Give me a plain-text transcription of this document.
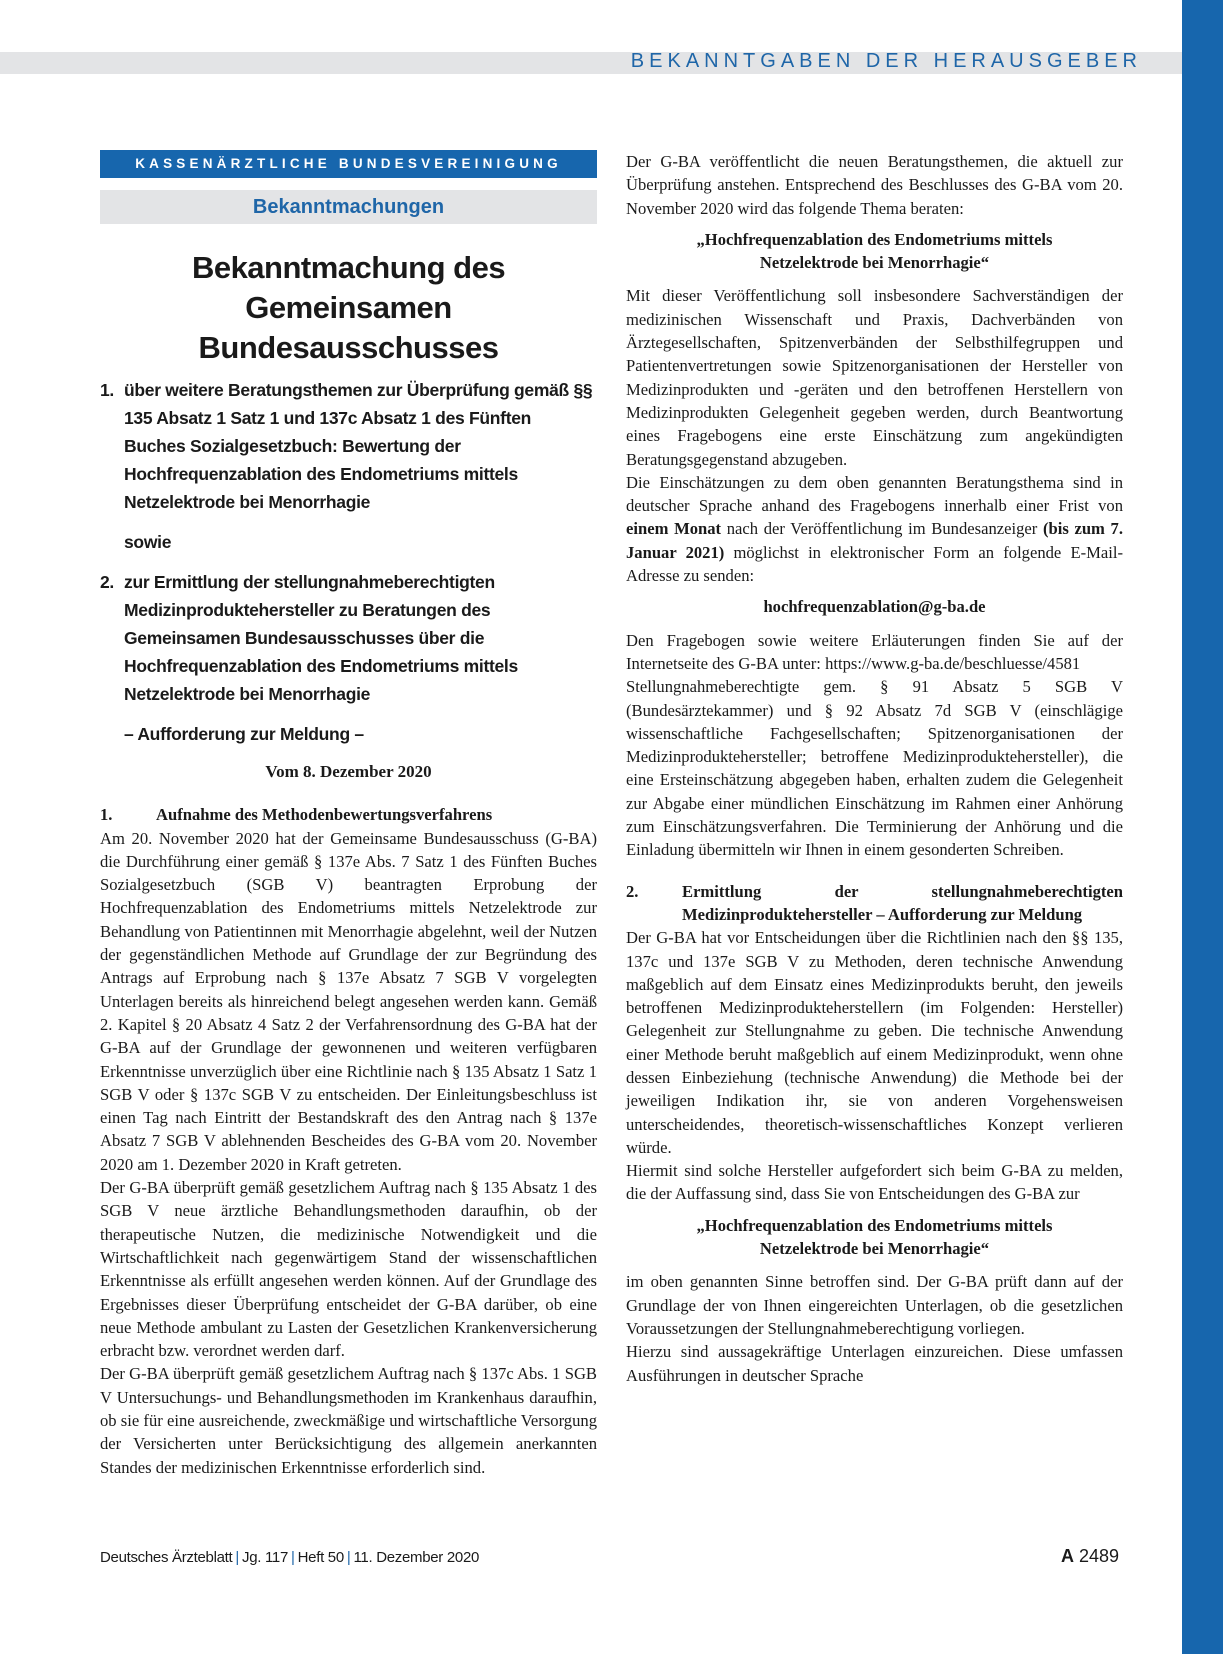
BEKANNTGABEN DER HERAUSGEBER
KASSENÄRZTLICHE BUNDESVEREINIGUNG
Bekanntmachungen
Bekanntmachung des Gemeinsamen
Bundesausschusses
1. über weitere Beratungsthemen zur Überprüfung gemäß §§ 135 Absatz 1 Satz 1 und 137c Absatz 1 des Fünften Buches Sozialgesetzbuch: Bewertung der Hochfrequenzablation des Endometriums mittels Netzelektrode bei Menorrhagie
sowie
2. zur Ermittlung der stellungnahmeberechtigten Medizinproduktehersteller zu Beratungen des Gemeinsamen Bundesausschusses über die Hochfrequenzablation des Endometriums mittels Netzelektrode bei Menorrhagie
– Aufforderung zur Meldung –
Vom 8. Dezember 2020
1.	Aufnahme des Methodenbewertungsverfahrens

Am 20. November 2020 hat der Gemeinsame Bundesausschuss (G-BA) die Durchführung einer gemäß § 137e Abs. 7 Satz 1 des Fünften Buches Sozialgesetzbuch (SGB V) beantragten Erprobung der Hochfrequenzablation des Endometriums mittels Netzelektrode zur Behandlung von Patientinnen mit Menorrhagie abgelehnt, weil der Nutzen der gegenständlichen Methode auf Grundlage der zur Begründung des Antrags auf Erprobung nach § 137e Absatz 7 SGB V vorgelegten Unterlagen bereits als hinreichend belegt angesehen werden kann. Gemäß 2. Kapitel § 20 Absatz 4 Satz 2 der Verfahrensordnung des G-BA hat der G-BA auf der Grundlage der gewonnenen und weiteren verfügbaren Erkenntnisse unverzüglich über eine Richtlinie nach § 135 Absatz 1 Satz 1 SGB V oder § 137c SGB V zu entscheiden. Der Einleitungsbeschluss ist einen Tag nach Eintritt der Bestandskraft des den Antrag nach § 137e Absatz 7 SGB V ablehnenden Bescheides des G-BA vom 20. November 2020 am 1. Dezember 2020 in Kraft getreten.

Der G-BA überprüft gemäß gesetzlichem Auftrag nach § 135 Absatz 1 des SGB V neue ärztliche Behandlungsmethoden daraufhin, ob der therapeutische Nutzen, die medizinische Notwendigkeit und die Wirtschaftlichkeit nach gegenwärtigem Stand der wissenschaftlichen Erkenntnisse als erfüllt angesehen werden können. Auf der Grundlage des Ergebnisses dieser Überprüfung entscheidet der G-BA darüber, ob eine neue Methode ambulant zu Lasten der Gesetzlichen Krankenversicherung erbracht bzw. verordnet werden darf.

Der G-BA überprüft gemäß gesetzlichem Auftrag nach § 137c Abs. 1 SGB V Untersuchungs- und Behandlungsmethoden im Krankenhaus daraufhin, ob sie für eine ausreichende, zweckmäßige und wirtschaftliche Versorgung der Versicherten unter Berücksichtigung des allgemein anerkannten Standes der medizinischen Erkenntnisse erforderlich sind.

Der G-BA veröffentlicht die neuen Beratungsthemen, die aktuell zur Überprüfung anstehen. Entsprechend des Beschlusses des G-BA vom 20. November 2020 wird das folgende Thema beraten:

„Hochfrequenzablation des Endometriums mittels
Netzelektrode bei Menorrhagie“

Mit dieser Veröffentlichung soll insbesondere Sachverständigen der medizinischen Wissenschaft und Praxis, Dachverbänden von Ärztegesellschaften, Spitzenverbänden der Selbsthilfegruppen und Patientenvertretungen sowie Spitzenorganisationen der Hersteller von Medizinprodukten und -geräten und den betroffenen Herstellern von Medizinprodukten Gelegenheit gegeben werden, durch Beantwortung eines Fragebogens eine erste Einschätzung zum angekündigten Beratungsgegenstand abzugeben.

Die Einschätzungen zu dem oben genannten Beratungsthema sind in deutscher Sprache anhand des Fragebogens innerhalb einer Frist von einem Monat nach der Veröffentlichung im Bundesanzeiger (bis zum 7. Januar 2021) möglichst in elektronischer Form an folgende E-Mail-Adresse zu senden:

hochfrequenzablation@g-ba.de

Den Fragebogen sowie weitere Erläuterungen finden Sie auf der Internetseite des G-BA unter: https://www.g-ba.de/beschluesse/4581

Stellungnahmeberechtigte gem. § 91 Absatz 5 SGB V (Bundesärztekammer) und § 92 Absatz 7d SGB V (einschlägige wissenschaftliche Fachgesellschaften; Spitzenorganisationen der Medizinproduktehersteller; betroffene Medizinproduktehersteller), die eine Ersteinschätzung abgegeben haben, erhalten zudem die Gelegenheit zur Abgabe einer mündlichen Einschätzung im Rahmen einer Anhörung zum Einschätzungsverfahren. Die Terminierung der Anhörung und die Einladung übermitteln wir Ihnen in einem gesonderten Schreiben.

2.	Ermittlung der stellungnahmeberechtigten Medizinproduktehersteller – Aufforderung zur Meldung

Der G-BA hat vor Entscheidungen über die Richtlinien nach den §§ 135, 137c und 137e SGB V zu Methoden, deren technische Anwendung maßgeblich auf dem Einsatz eines Medizinprodukts beruht, den jeweils betroffenen Medizinprodukteherstellern (im Folgenden: Hersteller) Gelegenheit zur Stellungnahme zu geben. Die technische Anwendung einer Methode beruht maßgeblich auf einem Medizinprodukt, wenn ohne dessen Einbeziehung (technische Anwendung) die Methode bei der jeweiligen Indikation ihr, sie von anderen Vorgehensweisen unterscheidendes, theoretisch-wissenschaftliches Konzept verlieren würde.

Hiermit sind solche Hersteller aufgefordert sich beim G-BA zu melden, die der Auffassung sind, dass Sie von Entscheidungen des G-BA zur

„Hochfrequenzablation des Endometriums mittels
Netzelektrode bei Menorrhagie“

im oben genannten Sinne betroffen sind. Der G-BA prüft dann auf der Grundlage der von Ihnen eingereichten Unterlagen, ob die gesetzlichen Voraussetzungen der Stellungnahmeberechtigung vorliegen.

Hierzu sind aussagekräftige Unterlagen einzureichen. Diese umfassen Ausführungen in deutscher Sprache

Deutsches Ärzteblatt | Jg. 117 | Heft 50 | 11. Dezember 2020	A 2489
